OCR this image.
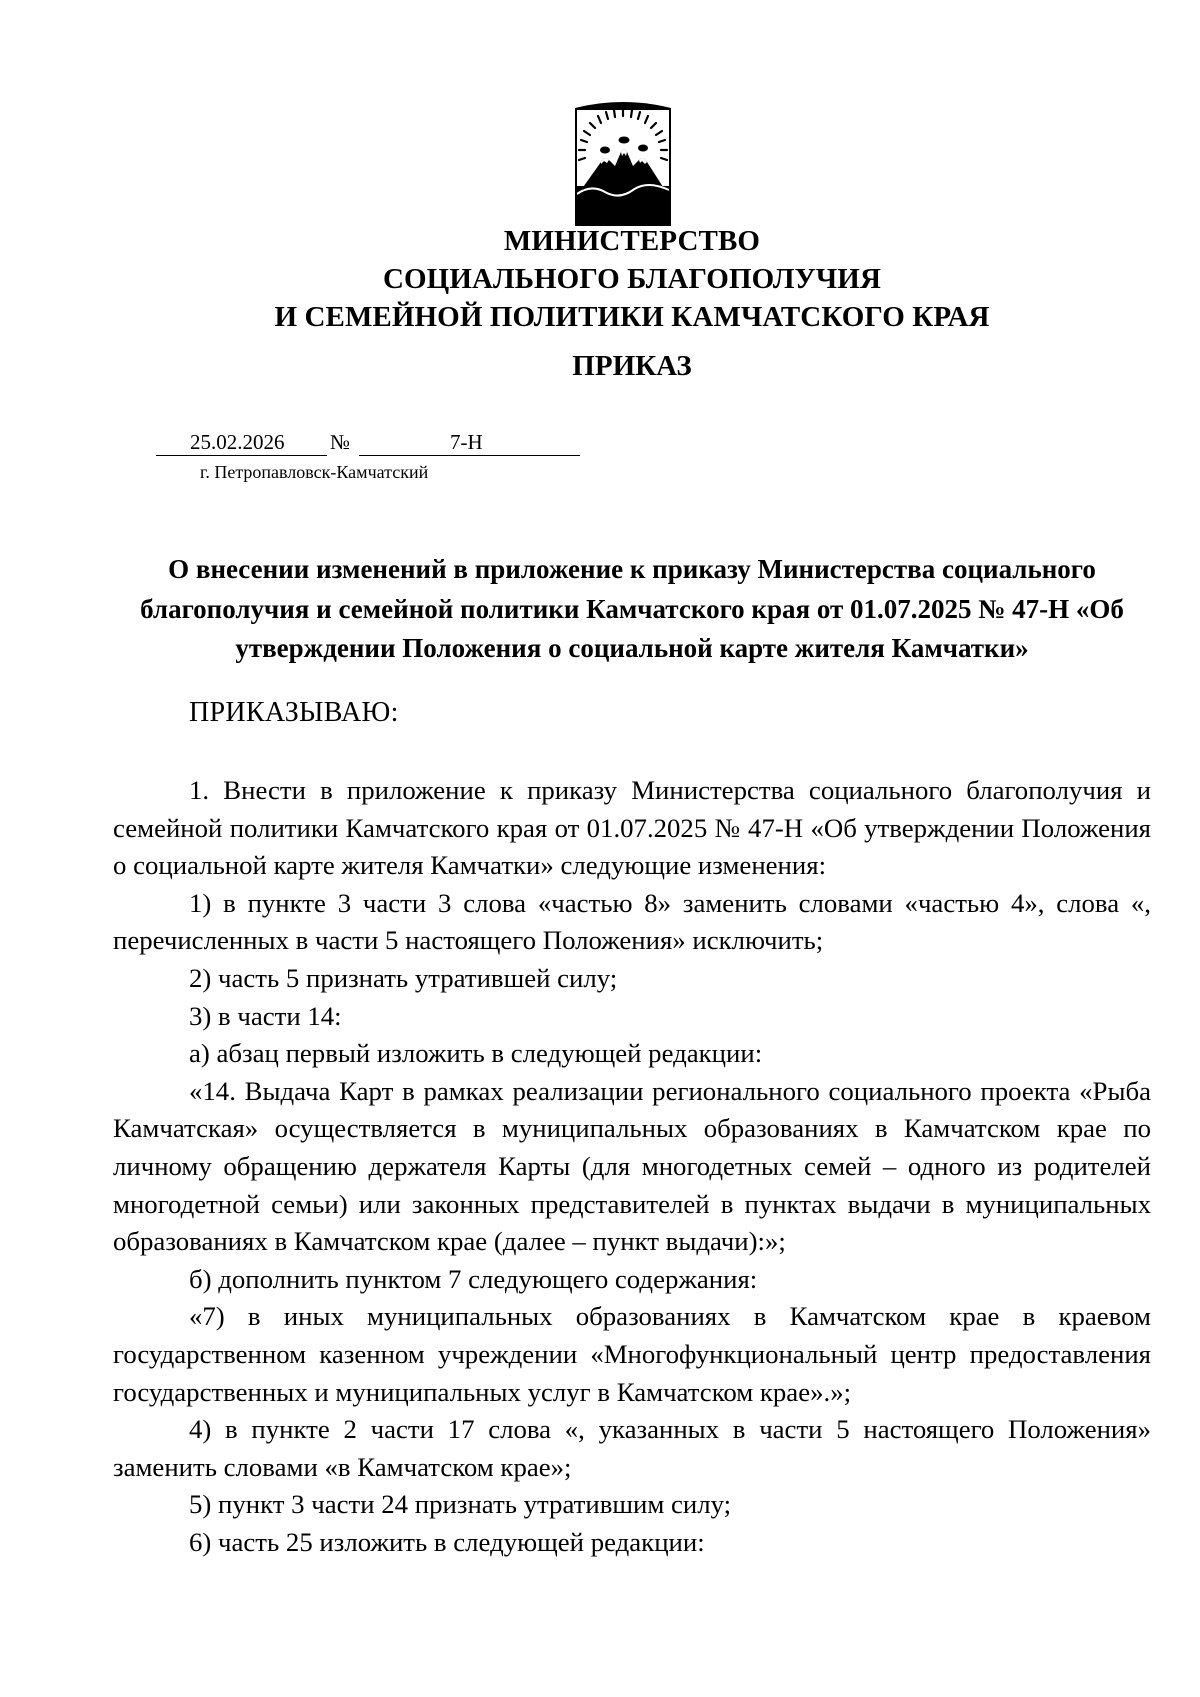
МИНИСТЕРСТВО
СОЦИАЛЬНОГО БЛАГОПОЛУЧИЯ
И СЕМЕЙНОЙ ПОЛИТИКИ КАМЧАТСКОГО КРАЯ
ПРИКАЗ
25.02.2026 №	7-Н
г. Петропавловск-Камчатский
О внесении изменений в приложение к приказу Министерства социального благополучия и семейной политики Камчатского края от 01.07.2025 № 47-Н «Об утверждении Положения о социальной карте жителя Камчатки»
ПРИКАЗЫВАЮ:

1. Внести в приложение к приказу Министерства социального благополучия и семейной политики Камчатского края от 01.07.2025 № 47-Н «Об утверждении Положения о социальной карте жителя Камчатки» следующие изменения:

1) в пункте 3 части 3 слова «частью 8» заменить словами «частью 4», слова «, перечисленных в части 5 настоящего Положения» исключить;

2) часть 5 признать утратившей силу;

3) в части 14:

а) абзац первый изложить в следующей редакции:

«14. Выдача Карт в рамках реализации регионального социального проекта «Рыба Камчатская» осуществляется в муниципальных образованиях в Камчатском крае по личному обращению держателя Карты (для многодетных семей – одного из родителей многодетной семьи) или законных представителей в пунктах выдачи в муниципальных образованиях в Камчатском крае (далее – пункт выдачи):»;

б) дополнить пунктом 7 следующего содержания:

«7) в иных муниципальных образованиях в Камчатском крае в краевом государственном казенном учреждении «Многофункциональный центр предоставления государственных и муниципальных услуг в Камчатском крае».»;

4) в пункте 2 части 17 слова «, указанных в части 5 настоящего Положения» заменить словами «в Камчатском крае»;

5) пункт 3 части 24 признать утратившим силу;

6) часть 25 изложить в следующей редакции:
